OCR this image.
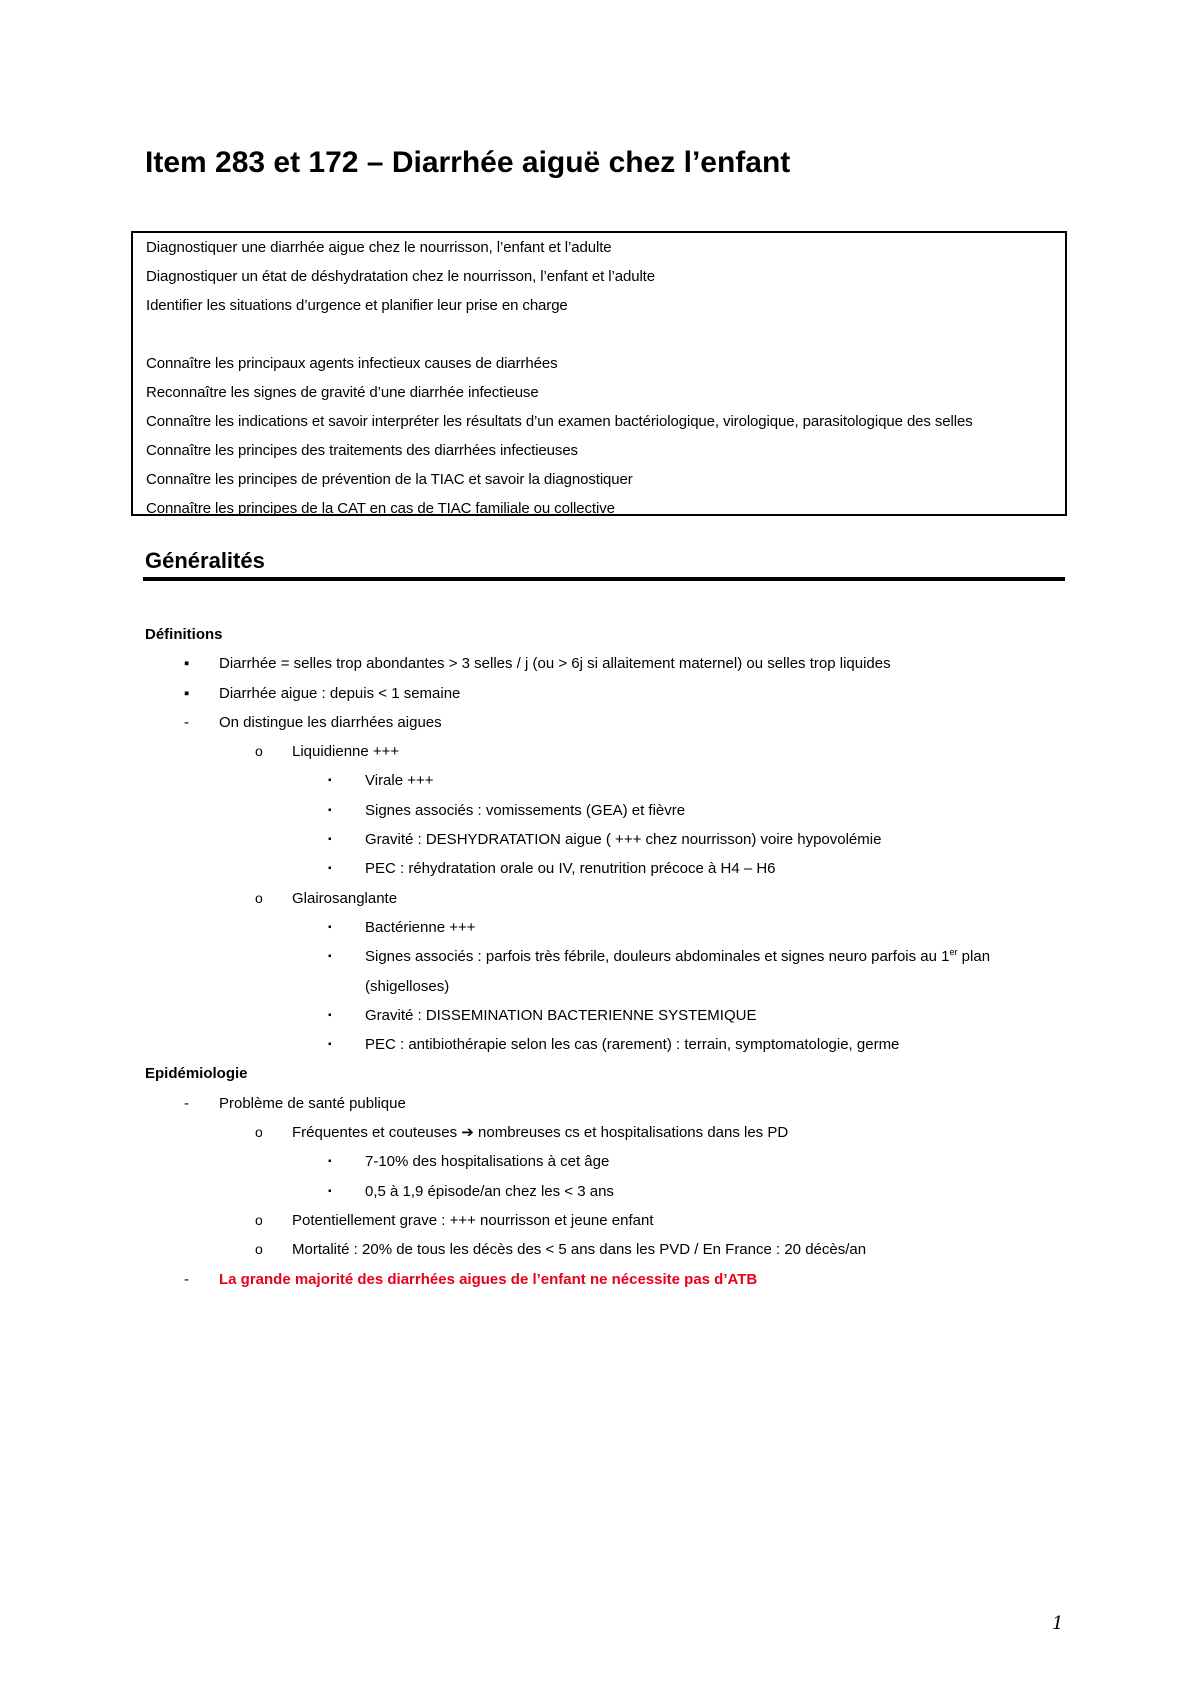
Item 283 et 172 – Diarrhée aiguë chez l’enfant
Diagnostiquer une diarrhée aigue chez le nourrisson, l’enfant et l’adulte
Diagnostiquer un état de déshydratation chez le nourrisson, l’enfant et l’adulte
Identifier les situations d’urgence et planifier leur prise en charge
Connaître les principaux agents infectieux causes de diarrhées
Reconnaître les signes de gravité d’une diarrhée infectieuse
Connaître les indications et savoir interpréter les résultats d’un examen bactériologique, virologique, parasitologique des selles
Connaître les principes des traitements des diarrhées infectieuses
Connaître les principes de prévention de la TIAC et savoir la diagnostiquer
Connaître les principes de la CAT en cas de TIAC familiale ou collective
Généralités
Définitions
▪ Diarrhée = selles trop abondantes > 3 selles / j (ou > 6j si allaitement maternel) ou selles trop liquides
▪ Diarrhée aigue : depuis < 1 semaine
- On distingue les diarrhées aigues
o Liquidienne +++
▪ Virale +++
▪ Signes associés : vomissements (GEA) et fièvre
▪ Gravité : DESHYDRATATION aigue ( +++ chez nourrisson) voire hypovolémie
▪ PEC : réhydratation orale ou IV, renutrition précoce à H4 – H6
o Glairosanglante
▪ Bactérienne +++
▪ Signes associés : parfois très fébrile, douleurs abdominales et signes neuro parfois au 1er plan
(shigelloses)
▪ Gravité : DISSEMINATION BACTERIENNE SYSTEMIQUE
▪ PEC : antibiothérapie selon les cas (rarement) : terrain, symptomatologie, germe
Epidémiologie
- Problème de santé publique
o Fréquentes et couteuses ➔ nombreuses cs et hospitalisations dans les PD
▪ 7-10% des hospitalisations à cet âge
▪ 0,5 à 1,9 épisode/an chez les < 3 ans
o Potentiellement grave : +++ nourrisson et jeune enfant
o Mortalité : 20% de tous les décès des < 5 ans dans les PVD / En France : 20 décès/an
- La grande majorité des diarrhées aigues de l’enfant ne nécessite pas d’ATB
1
